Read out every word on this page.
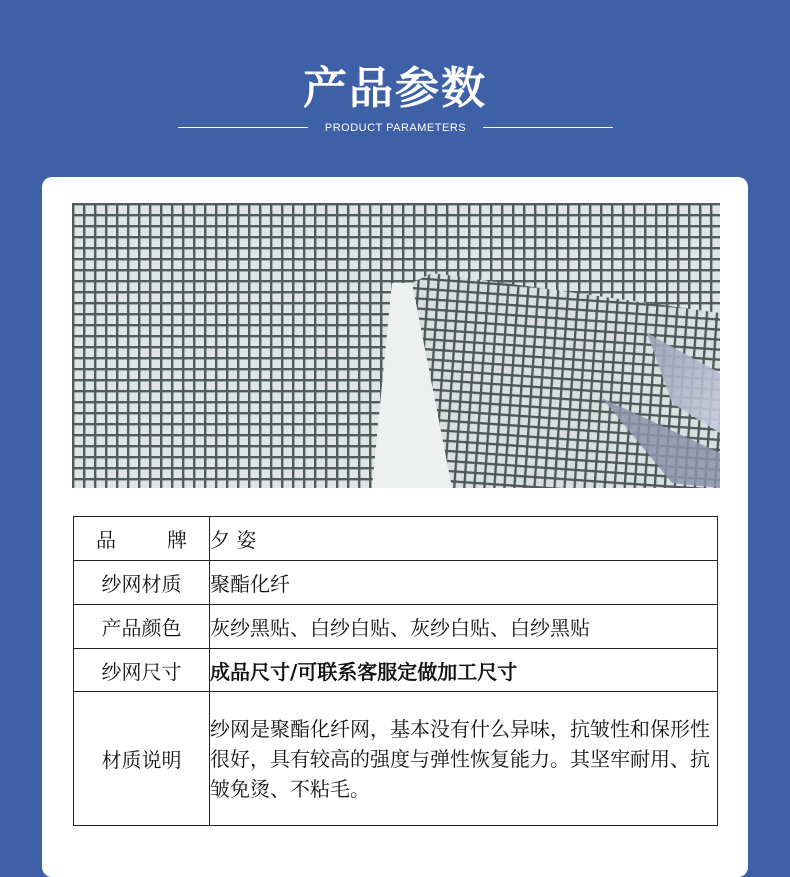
产品参数
PRODUCT PARAMETERS
品 牌	夕 姿
纱网材质	聚酯化纤
产品颜色	灰纱黑贴、白纱白贴、灰纱白贴、白纱黑贴
纱网尺寸	成品尺寸/可联系客服定做加工尺寸
材质说明	纱网是聚酯化纤网，基本没有什么异味，抗皱性和保形性很好，具有较高的强度与弹性恢复能力。其坚牢耐用、抗皱免烫、不粘毛。
